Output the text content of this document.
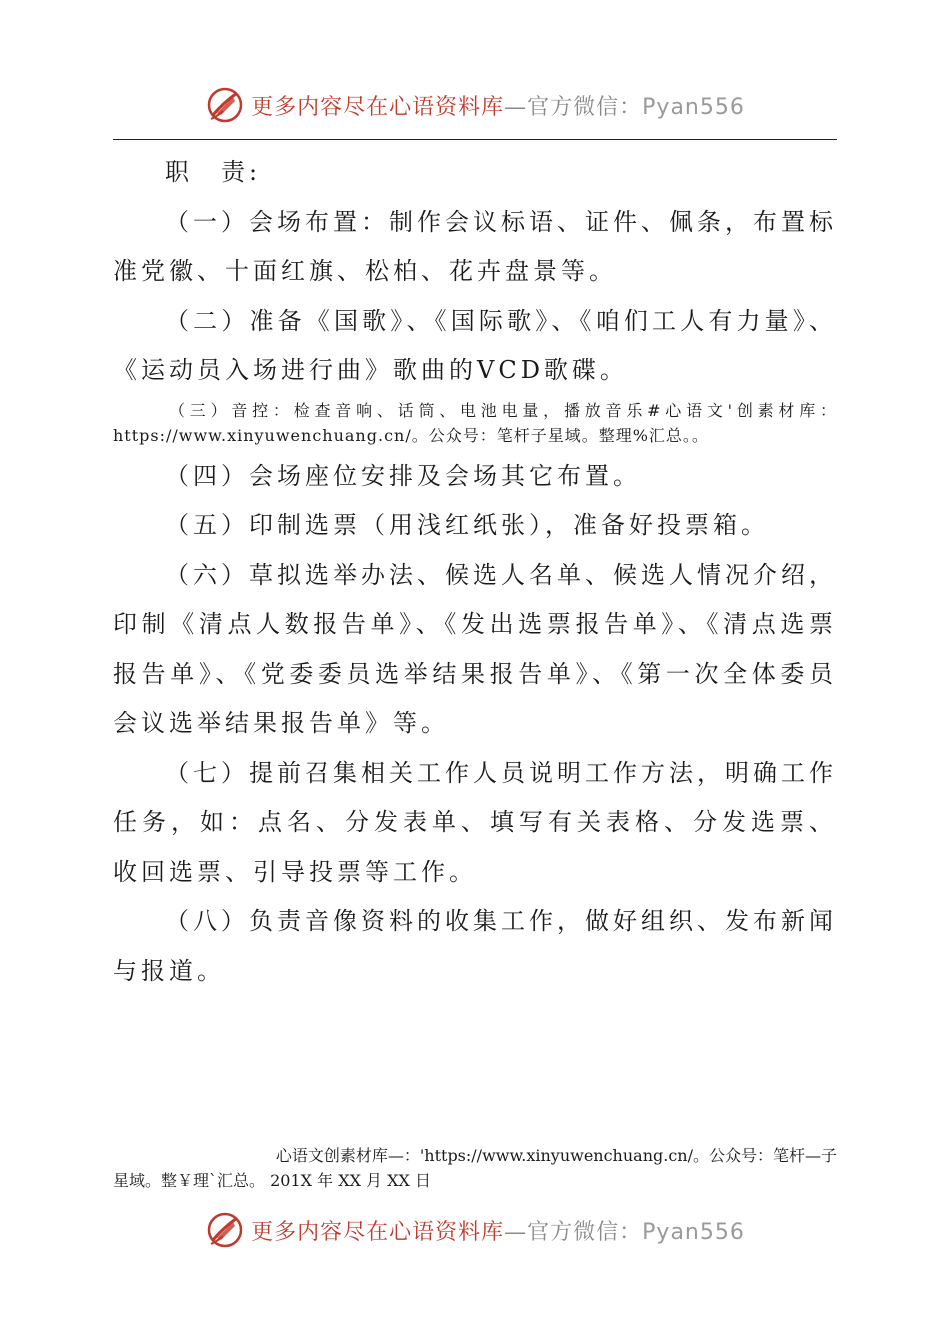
更多内容尽在心语资料库—官方微信：Pyan556

职　责:

（一）会场布置：制作会议标语、证件、佩条，布置标准党徽、十面红旗、松柏、花卉盘景等。

（二）准备《国歌》、《国际歌》、《咱们工人有力量》、《运动员入场进行曲》歌曲的VCD歌碟。

（三）音控：检查音响、话筒、电池电量，播放音乐#心语文'创素材库：https://www.xinyuwenchuang.cn/。公众号：笔杆子星域。整理%汇总。。

（四）会场座位安排及会场其它布置。

（五）印制选票（用浅红纸张），准备好投票箱。

（六）草拟选举办法、候选人名单、候选人情况介绍，印制《清点人数报告单》、《发出选票报告单》、《清点选票报告单》、《党委委员选举结果报告单》、《第一次全体委员会议选举结果报告单》等。

（七）提前召集相关工作人员说明工作方法，明确工作任务，如：点名、分发表单、填写有关表格、分发选票、收回选票、引导投票等工作。

（八）负责音像资料的收集工作，做好组织、发布新闻与报道。

心语文创素材库—：'https://www.xinyuwenchuang.cn/。公众号：笔杆—子
星域。整￥理`汇总。 201X 年 XX 月 XX 日
更多内容尽在心语资料库—官方微信：Pyan556
